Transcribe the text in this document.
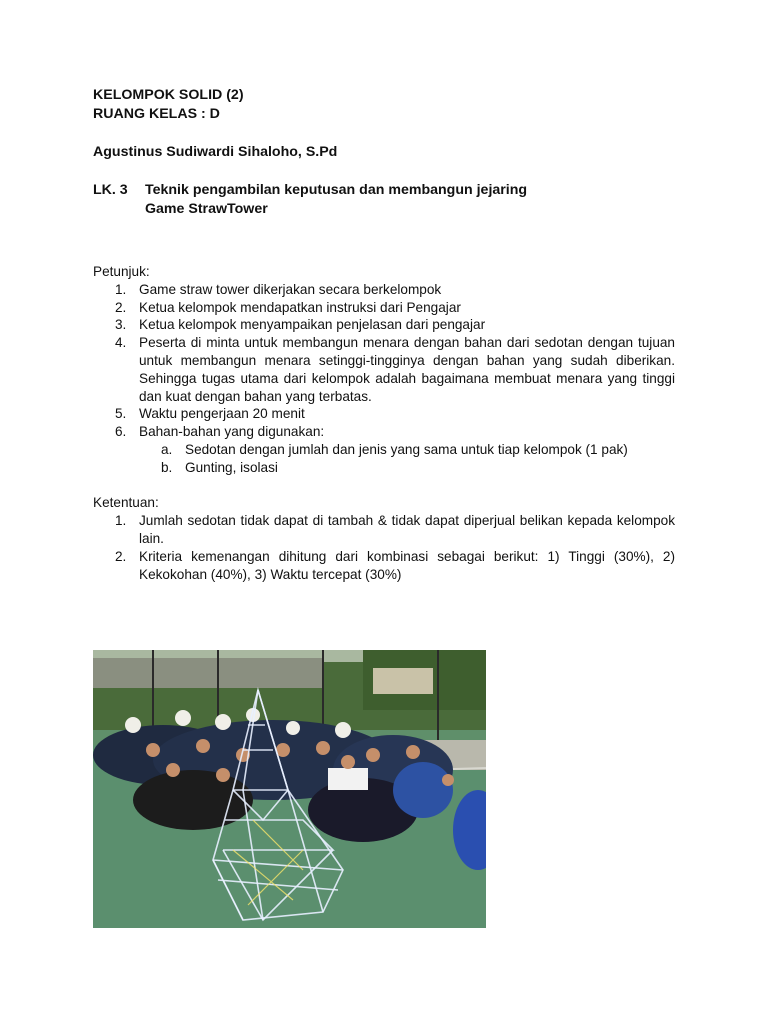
KELOMPOK SOLID (2)
RUANG KELAS : D
Agustinus Sudiwardi Sihaloho, S.Pd
LK. 3	Teknik pengambilan keputusan dan membangun jejaring
Game StrawTower
Petunjuk:
1. Game straw tower dikerjakan secara berkelompok
2. Ketua kelompok mendapatkan instruksi dari Pengajar
3. Ketua kelompok menyampaikan penjelasan dari pengajar
4. Peserta di minta untuk membangun menara dengan bahan dari sedotan dengan tujuan untuk membangun menara setinggi-tingginya dengan bahan yang sudah diberikan. Sehingga tugas utama dari kelompok adalah bagaimana membuat menara yang tinggi dan kuat dengan bahan yang terbatas.
5. Waktu pengerjaan 20 menit
6. Bahan-bahan yang digunakan:
a. Sedotan dengan jumlah dan jenis yang sama untuk tiap kelompok (1 pak)
b. Gunting, isolasi
Ketentuan:
1. Jumlah sedotan tidak dapat di tambah & tidak dapat diperjual belikan kepada kelompok lain.
2. Kriteria kemenangan dihitung dari kombinasi sebagai berikut: 1) Tinggi (30%), 2) Kekokohan (40%), 3) Waktu tercepat (30%)
